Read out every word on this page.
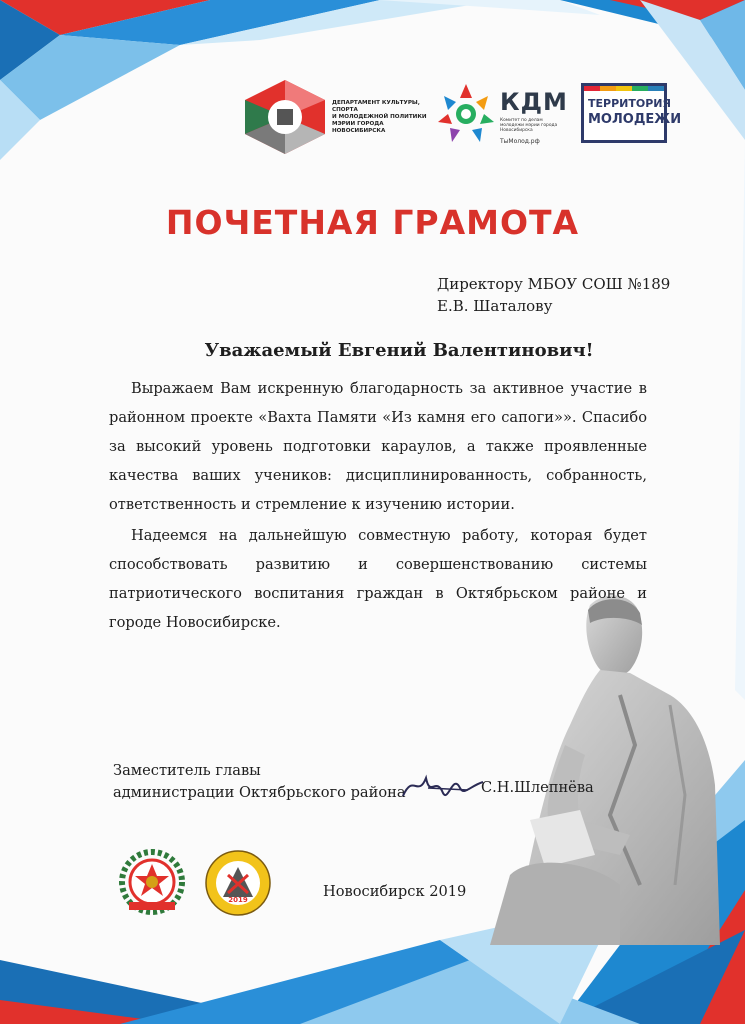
ДЕПАРТАМЕНТ КУЛЬТУРЫ, СПОРТА
И МОЛОДЕЖНОЙ ПОЛИТИКИ
МЭРИИ ГОРОДА НОВОСИБИРСКА
КДМ
Комитет по делам молодежи мэрии города Новосибирска
ТыМолод.рф
ТЕРРИТОРИЯ
МОЛОДЕЖИ
ПОЧЕТНАЯ ГРАМОТА
Директору МБОУ СОШ №189
Е.В. Шаталову
Уважаемый Евгений Валентинович!

Выражаем Вам искренную благодарность за активное участие в районном проекте «Вахта Памяти «Из камня его сапоги»». Спасибо за высокий уровень подготовки караулов, а также проявленные качества ваших учеников: дисциплинированность, собранность, ответственность и стремление к изучению истории.

Надеемся на дальнейшую совместную работу, которая будет способствовать развитию и совершенствованию системы патриотического воспитания граждан в Октябрьском районе и городе Новосибирске.

Заместитель главы
администрации Октябрьского района	С.Н.Шлепнёва
2019	Новосибирск 2019
